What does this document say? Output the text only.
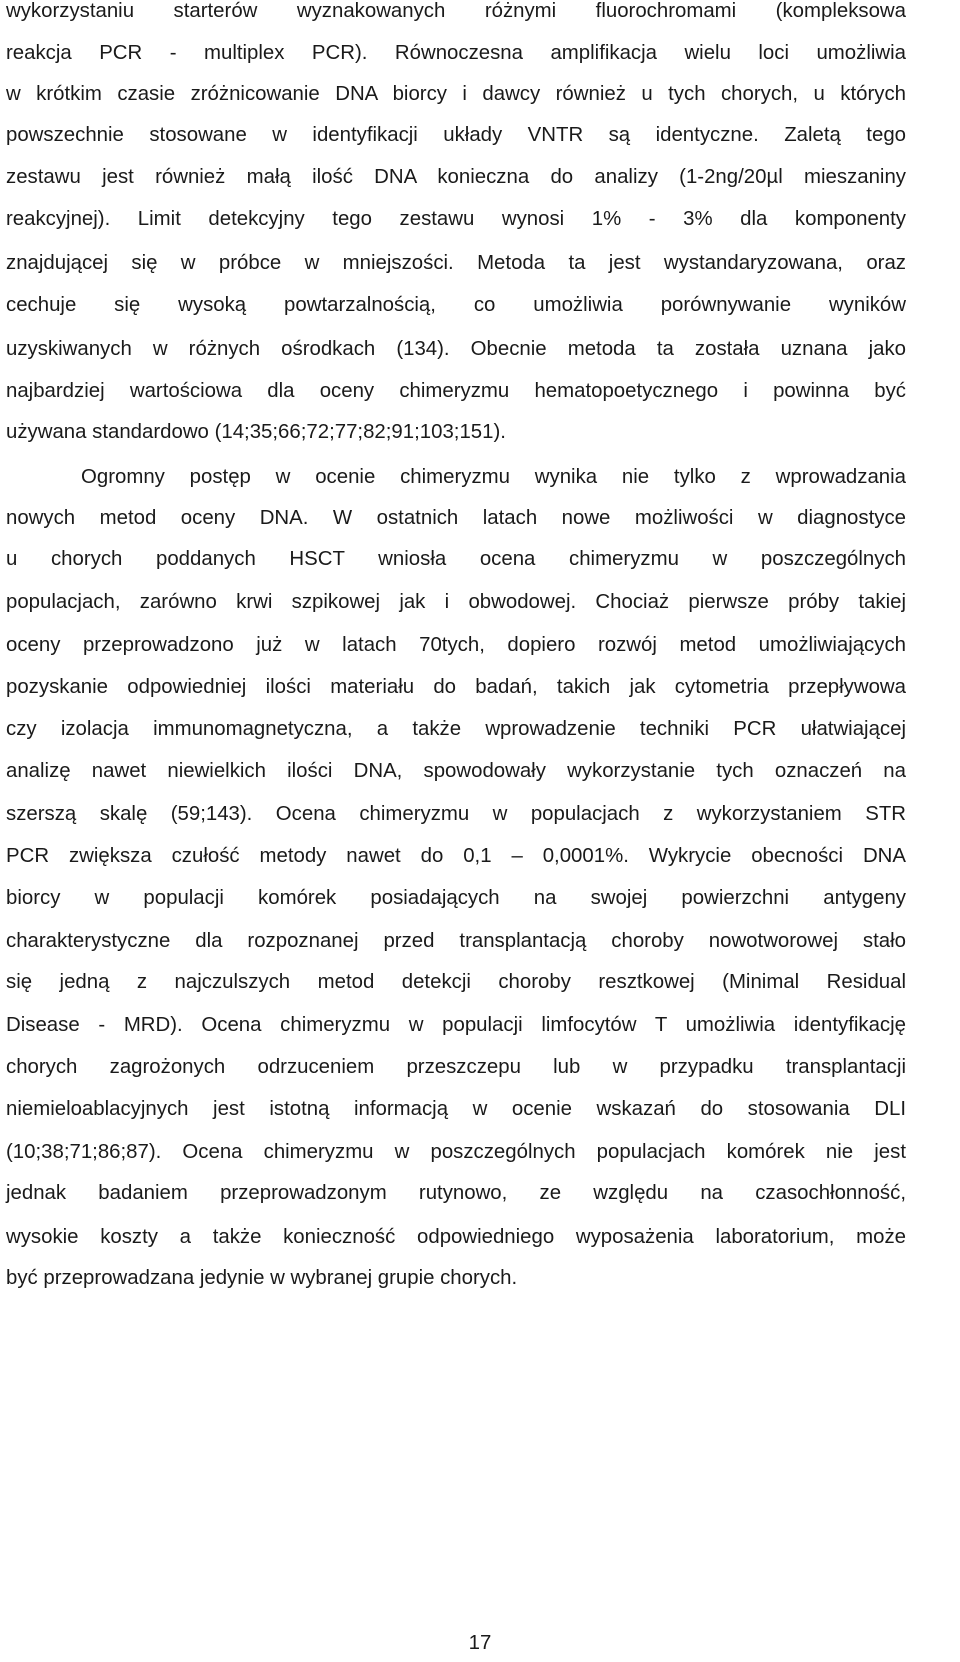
wykorzystaniu starterów wyznakowanych różnymi fluorochromami (kompleksowa
reakcja PCR - multiplex PCR). Równoczesna amplifikacja wielu loci umożliwia
w krótkim czasie zróżnicowanie DNA biorcy i dawcy również u tych chorych, u których
powszechnie stosowane w identyfikacji układy VNTR są identyczne. Zaletą tego
zestawu jest również małą ilość DNA konieczna do analizy (1-2ng/20µl mieszaniny
reakcyjnej). Limit detekcyjny tego zestawu wynosi 1% - 3% dla komponenty
znajdującej się w próbce w mniejszości. Metoda ta jest wystandaryzowana, oraz
cechuje się wysoką powtarzalnością, co umożliwia porównywanie wyników
uzyskiwanych w różnych ośrodkach (134). Obecnie metoda ta została uznana jako
najbardziej wartościowa dla oceny chimeryzmu hematopoetycznego i powinna być
używana standardowo (14;35;66;72;77;82;91;103;151).
Ogromny postęp w ocenie chimeryzmu wynika nie tylko z wprowadzania
nowych metod oceny DNA. W ostatnich latach nowe możliwości w diagnostyce
u chorych poddanych HSCT wniosła ocena chimeryzmu w poszczególnych
populacjach, zarówno krwi szpikowej jak i obwodowej. Chociaż pierwsze próby takiej
oceny przeprowadzono już w latach 70tych, dopiero rozwój metod umożliwiających
pozyskanie odpowiedniej ilości materiału do badań, takich jak cytometria przepływowa
czy izolacja immunomagnetyczna, a także wprowadzenie techniki PCR ułatwiającej
analizę nawet niewielkich ilości DNA, spowodowały wykorzystanie tych oznaczeń na
szerszą skalę (59;143). Ocena chimeryzmu w populacjach z wykorzystaniem STR
PCR zwiększa czułość metody nawet do 0,1 – 0,0001%. Wykrycie obecności DNA
biorcy w populacji komórek posiadających na swojej powierzchni antygeny
charakterystyczne dla rozpoznanej przed transplantacją choroby nowotworowej stało
się jedną z najczulszych metod detekcji choroby resztkowej (Minimal Residual
Disease - MRD). Ocena chimeryzmu w populacji limfocytów T umożliwia identyfikację
chorych zagrożonych odrzuceniem przeszczepu lub w przypadku transplantacji
niemieloablacyjnych jest istotną informacją w ocenie wskazań do stosowania DLI
(10;38;71;86;87). Ocena chimeryzmu w poszczególnych populacjach komórek nie jest
jednak badaniem przeprowadzonym rutynowo, ze względu na czasochłonność,
wysokie koszty a także konieczność odpowiedniego wyposażenia laboratorium, może
być przeprowadzana jedynie w wybranej grupie chorych.
17
